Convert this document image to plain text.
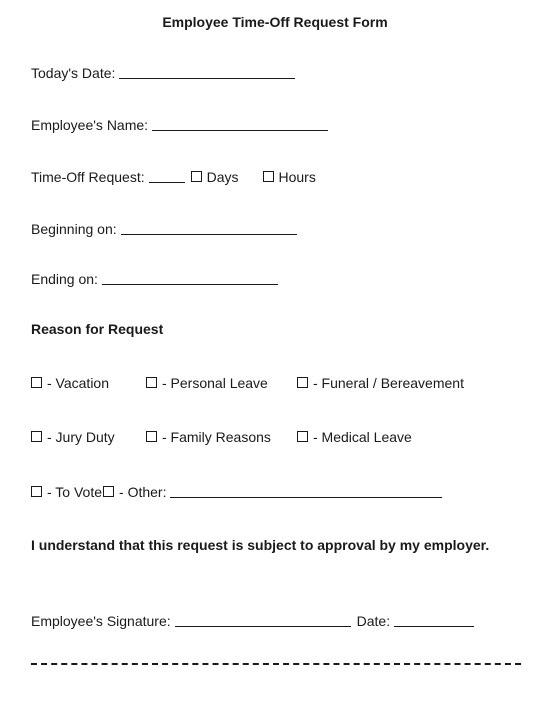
Employee Time-Off Request Form
Today's Date:
Employee's Name:
Time-Off Request:	Days	Hours
Beginning on:
Ending on:
Reason for Request
- Vacation	- Personal Leave	- Funeral / Bereavement
- Jury Duty	- Family Reasons	- Medical Leave
- To Vote - Other:
I understand that this request is subject to approval by my employer.
Employee's Signature:	Date:
